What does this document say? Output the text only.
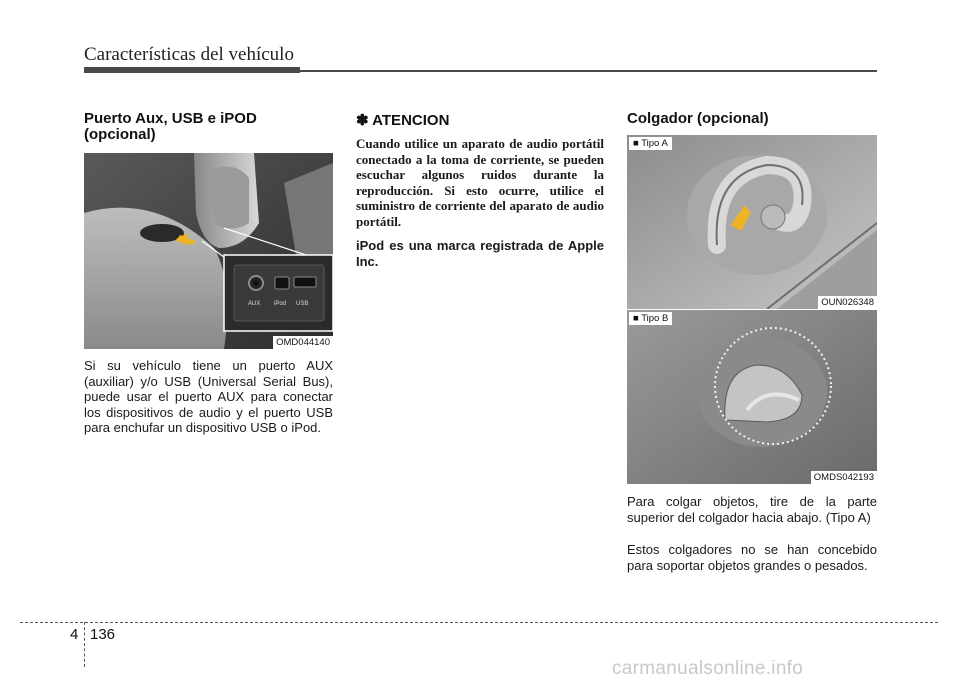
Características del vehículo
Puerto Aux, USB e iPOD (opcional)
AUX iPod USB
OMD044140
Si su vehículo tiene un puerto AUX (auxiliar) y/o USB (Universal Serial Bus), puede usar el puerto AUX para conectar los dispositivos de audio y el puerto USB para enchufar un dispositivo USB o iPod.
✽ ATENCION
Cuando utilice un aparato de audio portátil conectado a la toma de corriente, se pueden escuchar algunos ruidos durante la reproducción. Si esto ocurre, utilice el suministro de corriente del aparato de audio portátil.
iPod es una marca registrada de Apple Inc.
Colgador (opcional)
■ Tipo A
OUN026348
■ Tipo B
OMDS042193
Para colgar objetos, tire de la parte superior del colgador hacia abajo. (Tipo A)
Estos colgadores no se han concebido para soportar objetos grandes o pesados.
4 136
carmanualsonline.info
